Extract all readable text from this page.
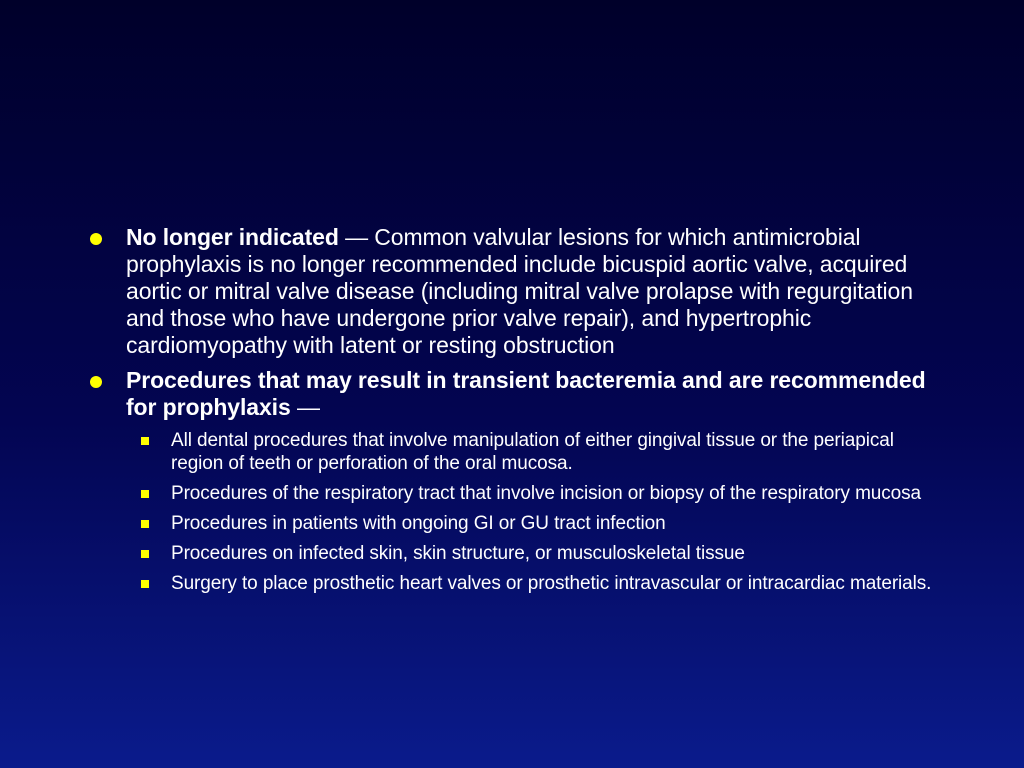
No longer indicated — Common valvular lesions for which antimicrobial prophylaxis is no longer recommended include bicuspid aortic valve, acquired aortic or mitral valve disease (including mitral valve prolapse with regurgitation and those who have undergone prior valve repair), and hypertrophic cardiomyopathy with latent or resting obstruction
Procedures that may result in transient bacteremia and are recommended for prophylaxis —
All dental procedures that involve manipulation of either gingival tissue or the periapical region of teeth or perforation of the oral mucosa.
Procedures of the respiratory tract that involve incision or biopsy of the respiratory mucosa
Procedures in patients with ongoing GI or GU tract infection
Procedures on infected skin, skin structure, or musculoskeletal tissue
Surgery to place prosthetic heart valves or prosthetic intravascular or intracardiac materials.
